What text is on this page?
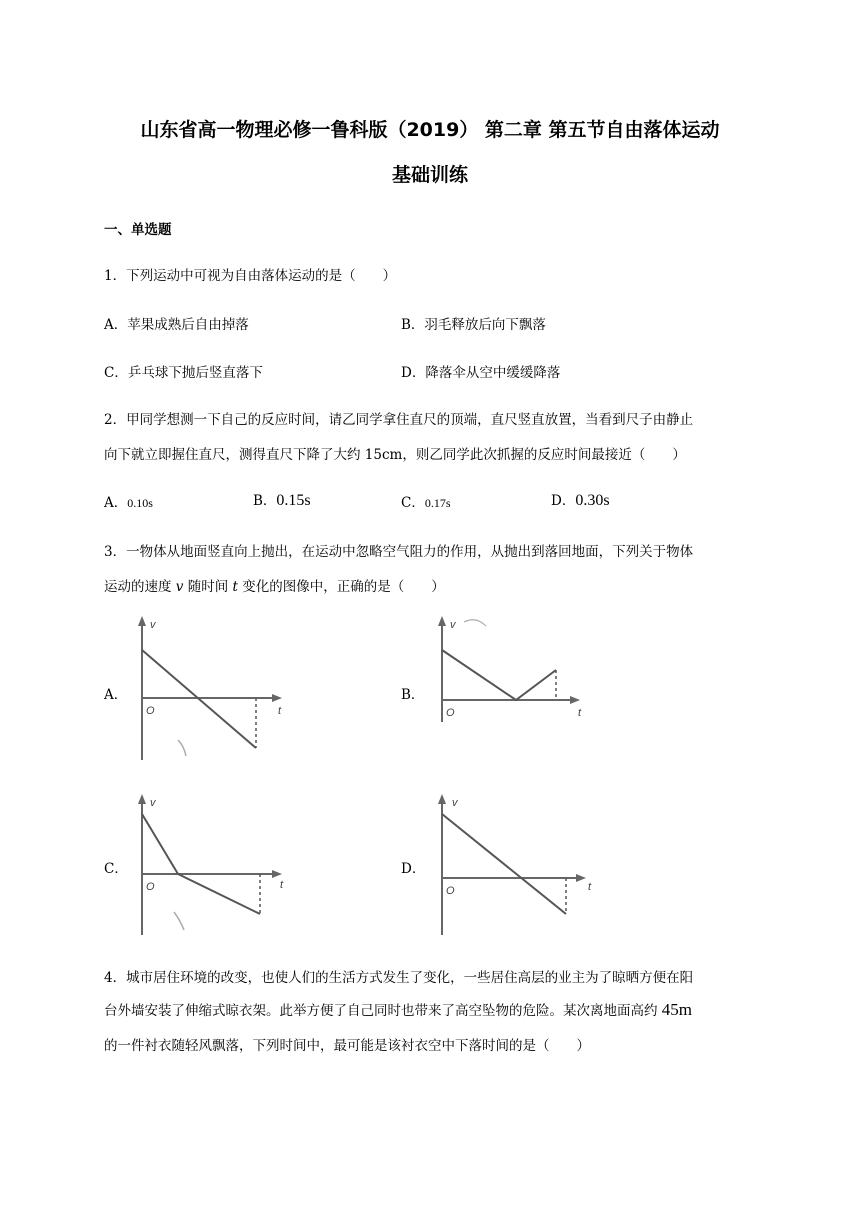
山东省高一物理必修一鲁科版（2019） 第二章 第五节自由落体运动
基础训练
一、单选题
1．下列运动中可视为自由落体运动的是（　　）
A．苹果成熟后自由掉落	B．羽毛释放后向下飘落
C．乒乓球下抛后竖直落下	D．降落伞从空中缓缓降落
2．甲同学想测一下自己的反应时间，请乙同学拿住直尺的顶端，直尺竖直放置，当看到尺子由静止
向下就立即握住直尺，测得直尺下降了大约 15cm，则乙同学此次抓握的反应时间最接近（　　）
A．0.10s	B．0.15s	C．0.17s	D．0.30s
3．一物体从地面竖直向上抛出，在运动中忽略空气阻力的作用，从抛出到落回地面，下列关于物体
运动的速度 v 随时间 t 变化的图像中，正确的是（　　）
A．	B．
C．	D．
v
t
O
v
t
O
v
t
O
v
t
O
4．城市居住环境的改变，也使人们的生活方式发生了变化，一些居住高层的业主为了晾晒方便在阳
台外墙安装了伸缩式晾衣架。此举方便了自己同时也带来了高空坠物的危险。某次离地面高约 45m
的一件衬衣随轻风飘落，下列时间中，最可能是该衬衣空中下落时间的是（　　）
